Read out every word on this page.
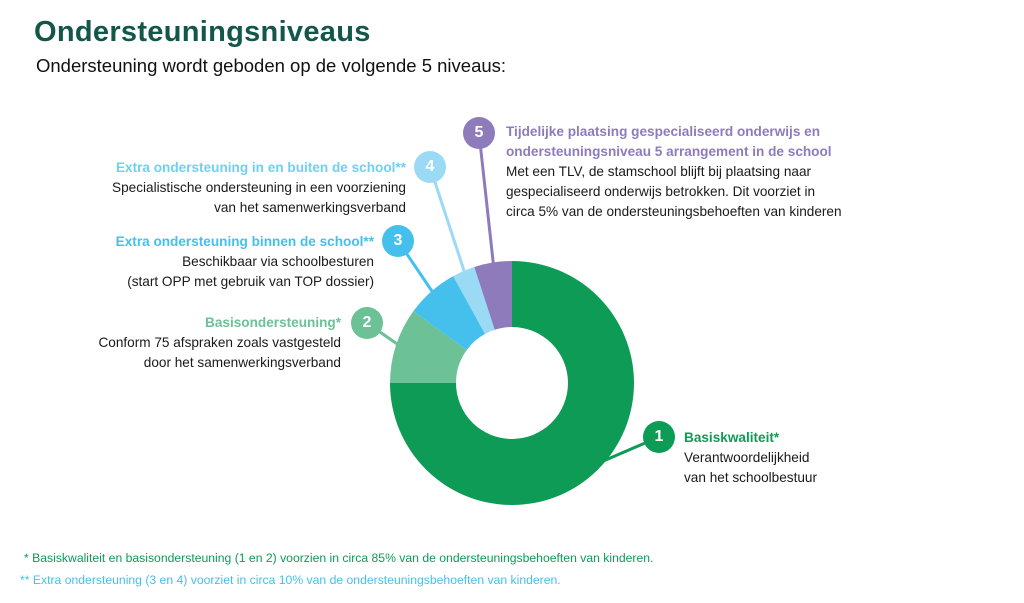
Ondersteuningsniveaus
Ondersteuning wordt geboden op de volgende 5 niveaus:
1
2
3
4
5
Basiskwaliteit*
Verantwoordelijkheid
van het schoolbestuur
Basisondersteuning*
Conform 75 afspraken zoals vastgesteld
door het samenwerkingsverband
Extra ondersteuning binnen de school**
Beschikbaar via schoolbesturen
(start OPP met gebruik van TOP dossier)
Extra ondersteuning in en buiten de school**
Specialistische ondersteuning in een voorziening
van het samenwerkingsverband
Tijdelijke plaatsing gespecialiseerd onderwijs en
ondersteuningsniveau 5 arrangement in de school
Met een TLV, de stamschool blijft bij plaatsing naar
gespecialiseerd onderwijs betrokken. Dit voorziet in
circa 5% van de ondersteuningsbehoeften van kinderen
* Basiskwaliteit en basisondersteuning (1 en 2) voorzien in circa 85% van de ondersteuningsbehoeften van kinderen.
** Extra ondersteuning (3 en 4) voorziet in circa 10% van de ondersteuningsbehoeften van kinderen.
